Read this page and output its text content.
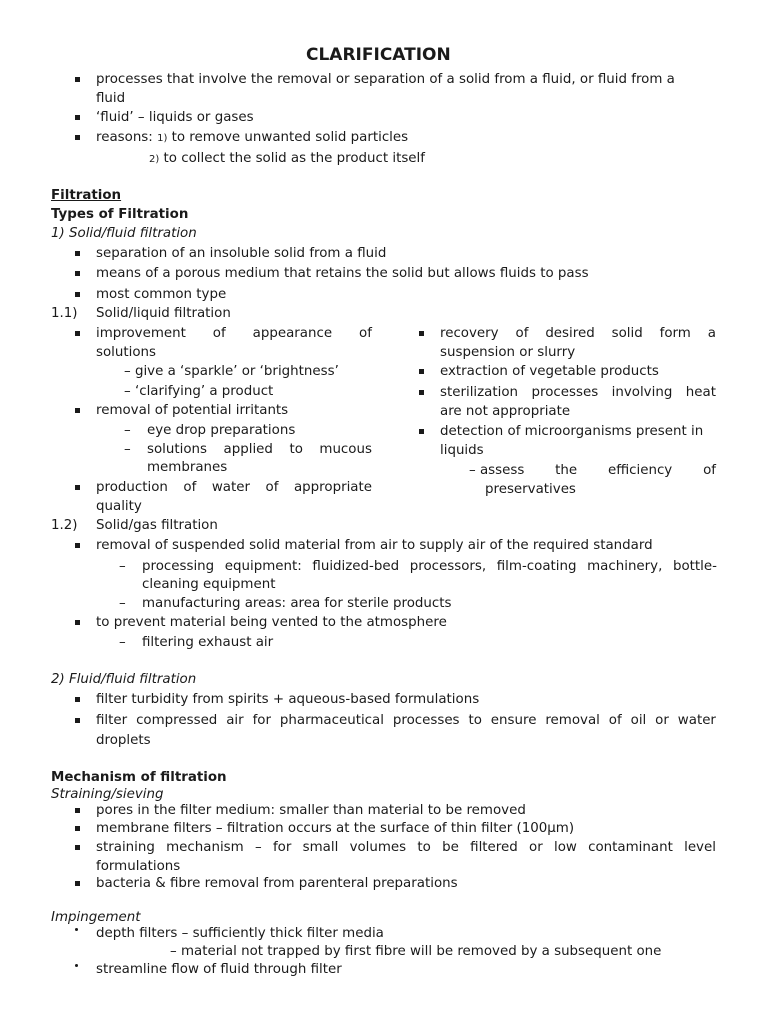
CLARIFICATION
processes that involve the removal or separation of a solid from a fluid, or fluid from a
fluid
‘fluid’ – liquids or gases
reasons: 1) to remove unwanted solid particles
2) to collect the solid as the product itself
Filtration
Types of Filtration
1) Solid/fluid filtration
separation of an insoluble solid from a fluid
means of a porous medium that retains the solid but allows fluids to pass
most common type
1.1) Solid/liquid filtration
improvement of appearance of
solutions
– give a ‘sparkle’ or ‘brightness’
– ‘clarifying’ a product
removal of potential irritants
– eye drop preparations
– solutions applied to mucous
membranes
production of water of appropriate
quality
recovery of desired solid form a
suspension or slurry
extraction of vegetable products
sterilization processes involving heat
are not appropriate
detection of microorganisms present in
liquids
– assess the efficiency of
preservatives
1.2) Solid/gas filtration
removal of suspended solid material from air to supply air of the required standard
– processing equipment: fluidized-bed processors, film-coating machinery, bottle-
cleaning equipment
– manufacturing areas: area for sterile products
to prevent material being vented to the atmosphere
– filtering exhaust air
2) Fluid/fluid filtration
filter turbidity from spirits + aqueous-based formulations
filter compressed air for pharmaceutical processes to ensure removal of oil or water
droplets
Mechanism of filtration
Straining/sieving
pores in the filter medium: smaller than material to be removed
membrane filters – filtration occurs at the surface of thin filter (100μm)
straining mechanism – for small volumes to be filtered or low contaminant level
formulations
bacteria & fibre removal from parenteral preparations
Impingement
depth filters – sufficiently thick filter media
– material not trapped by first fibre will be removed by a subsequent one
streamline flow of fluid through filter
